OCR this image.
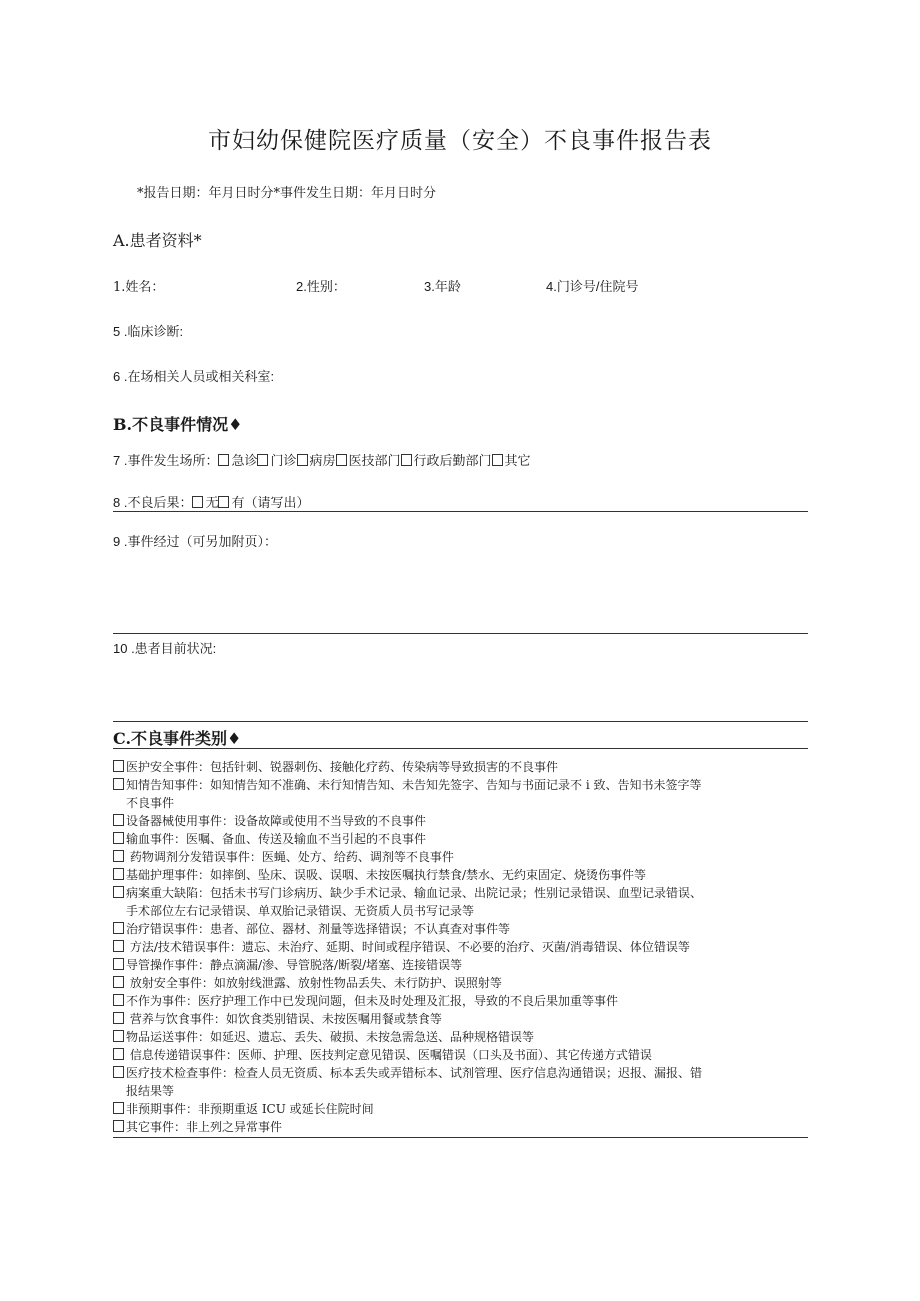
市妇幼保健院医疗质量（安全）不良事件报告表
*报告日期：年月日时分*事件发生日期：年月日时分
A.患者资料*
1.姓名：	2.性别：	3.年龄	4.门诊号/住院号
5 .临床诊断:
6 .在场相关人员或相关科室:
B.不良事件情况♦
7 .事件发生场所： 急诊 门诊 病房 医技部门 行政后勤部门 其它
8 .不良后果： 无 有（请写出）
9 .事件经过（可另加附页）：
10 .患者目前状况:
C.不良事件类别♦
医护安全事件：包括针刺、锐器刺伤、接触化疗药、传染病等导致损害的不良事件
知情告知事件：如知情告知不准确、未行知情告知、未告知先签字、告知与书面记录不 i 致、告知书未签字等
不良事件
设备器械使用事件：设备故障或使用不当导致的不良事件
输血事件：医嘱、备血、传送及输血不当引起的不良事件
药物调剂分发错误事件：医蝇、处方、给药、调剂等不良事件
基础护理事件：如摔倒、坠床、误吸、误咽、未按医嘱执行禁食/禁水、无约束固定、烧烫伤事件等
病案重大缺陷：包括未书写门诊病历、缺少手术记录、输血记录、出院记录；性别记录错误、血型记录错误、
手术部位左右记录错误、单双胎记录错误、无资质人员书写记录等
治疗错误事件：患者、部位、器材、剂量等选择错误；不认真查对事件等
方法/技术错误事件：遗忘、未治疗、延期、时间或程序错误、不必要的治疗、灭菌/消毒错误、体位错误等
导管操作事件：静点滴漏/渗、导管脱落/断裂/堵塞、连接错误等
放射安全事件：如放射线泄露、放射性物品丢失、未行防护、误照射等
不作为事件：医疗护理工作中已发现问题，但未及时处理及汇报，导致的不良后果加重等事件
营养与饮食事件：如饮食类别错误、未按医嘱用餐或禁食等
物品运送事件：如延迟、遗忘、丢失、破损、未按急需急送、品种规格错误等
信息传递错误事件：医师、护理、医技判定意见错误、医嘱错误（口头及书面）、其它传递方式错误
医疗技术检查事件：检查人员无资质、标本丢失或弄错标本、试剂管理、医疗信息沟通错误；迟报、漏报、错
报结果等
非预期事件：非预期重返 ICU 或延长住院时间
其它事件：非上列之异常事件
